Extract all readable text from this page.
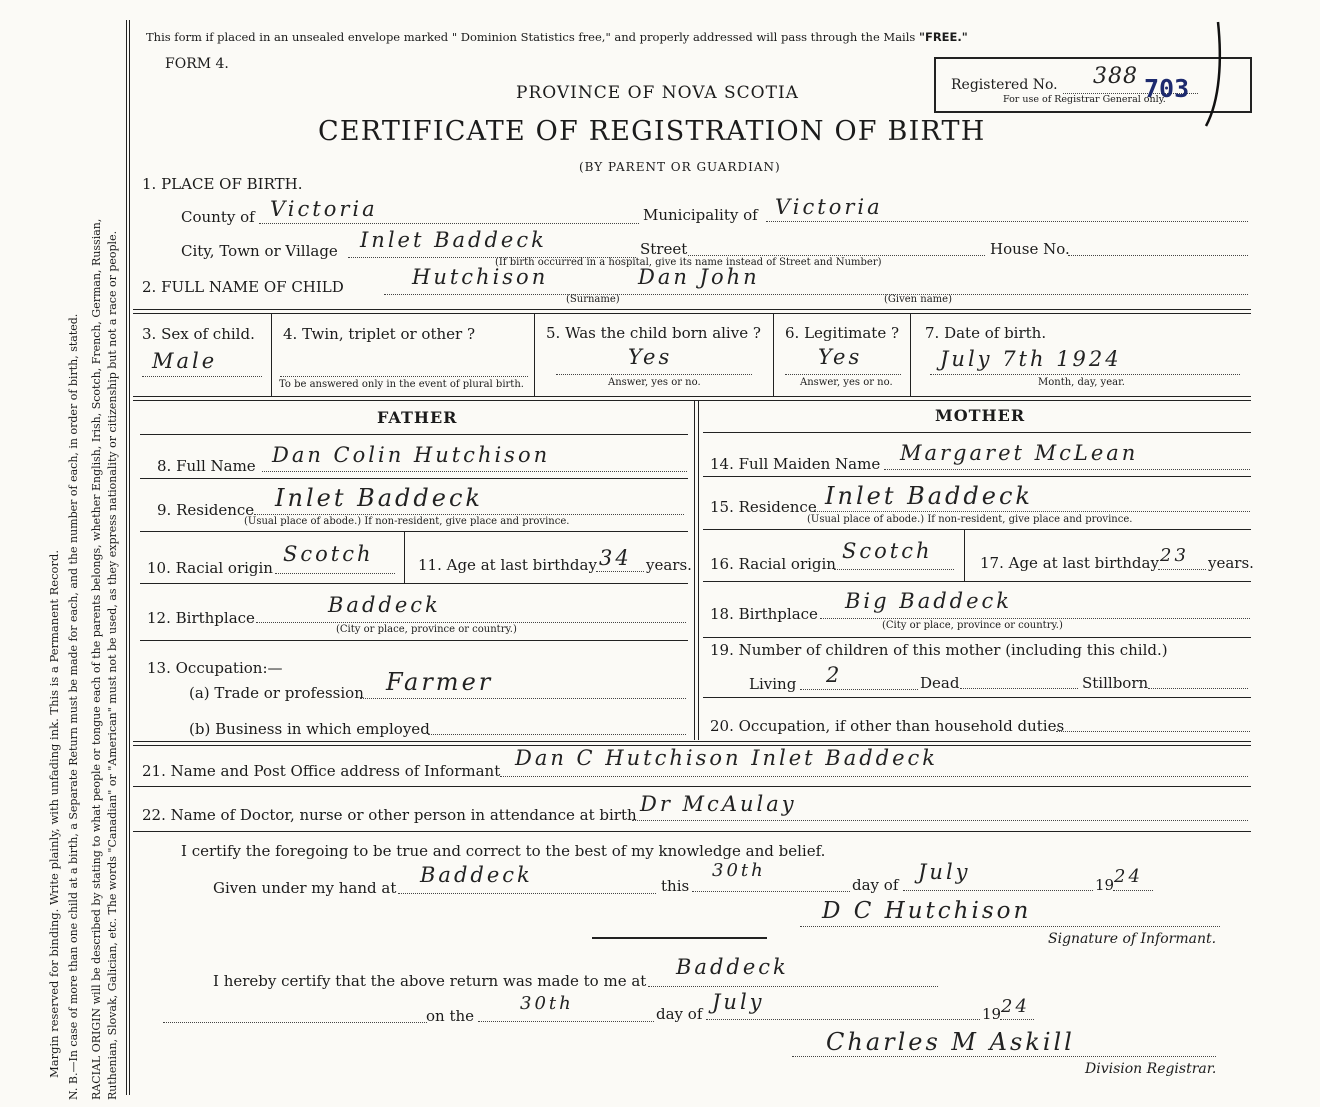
Margin reserved for binding. Write plainly, with unfading ink. This is a Permanent Record. N. B.—In case of more than one child at a birth, a Separate Return must be made for each, and the number of each, in order of birth, stated. RACIAL ORIGIN will be described by stating to what people or tongue each of the parents belongs, whether English, Irish, Scotch, French, German, Russian, Ruthenian, Slovak, Galician, etc. The words "Canadian" or "American" must not be used, as they express nationality or citizenship but not a race or people.
This form if placed in an unsealed envelope marked " Dominion Statistics free," and properly addressed will pass through the Mails "FREE."
FORM 4.
PROVINCE OF NOVA SCOTIA	Registered No. 388 703
For use of Registrar General only.
CERTIFICATE OF REGISTRATION OF BIRTH
(BY PARENT OR GUARDIAN)
1. PLACE OF BIRTH.
County of Victoria	Municipality of Victoria
City, Town or Village Inlet Baddeck	Street	House No.
(If birth occurred in a hospital, give its name instead of Street and Number)
2. FULL NAME OF CHILD	Hutchison	Dan John
(Surname)	(Given name)
3. Sex of child.
Male
4. Twin, triplet or other ?
To be answered only in the event of plural birth.
5. Was the child born alive ?
Yes
Answer, yes or no.
6. Legitimate ?
Yes
Answer, yes or no.
7. Date of birth.
July 7th 1924
Month, day, year.
FATHER
8. Full Name Dan Colin Hutchison
9. Residence Inlet Baddeck
(Usual place of abode.) If non-resident, give place and province.
10. Racial origin
Scotch	11. Age at last birthday 34 years.
12. Birthplace
Baddeck
(City or place, province or country.)
13. Occupation:—
(a) Trade or profession Farmer
(b) Business in which employed
MOTHER
14. Full Maiden Name Margaret McLean
15. Residence Inlet Baddeck
(Usual place of abode.) If non-resident, give place and province.
16. Racial origin
Scotch	17. Age at last birthday 23 years.
18. Birthplace
Big Baddeck
(City or place, province or country.)
19. Number of children of this mother (including this child.)
Living 2	Dead	Stillborn
20. Occupation, if other than household duties
21. Name and Post Office address of Informant
Dan C Hutchison Inlet Baddeck
22. Name of Doctor, nurse or other person in attendance at birth Dr McAulay
I certify the foregoing to be true and correct to the best of my knowledge and belief.
Given under my hand at
Baddeck	this
30th
day of
July
19 24
D C Hutchison
Signature of Informant.
I hereby certify that the above return was made to me at
Baddeck
on the
30th	day of July	19 24
Charles M Askill
Division Registrar.
